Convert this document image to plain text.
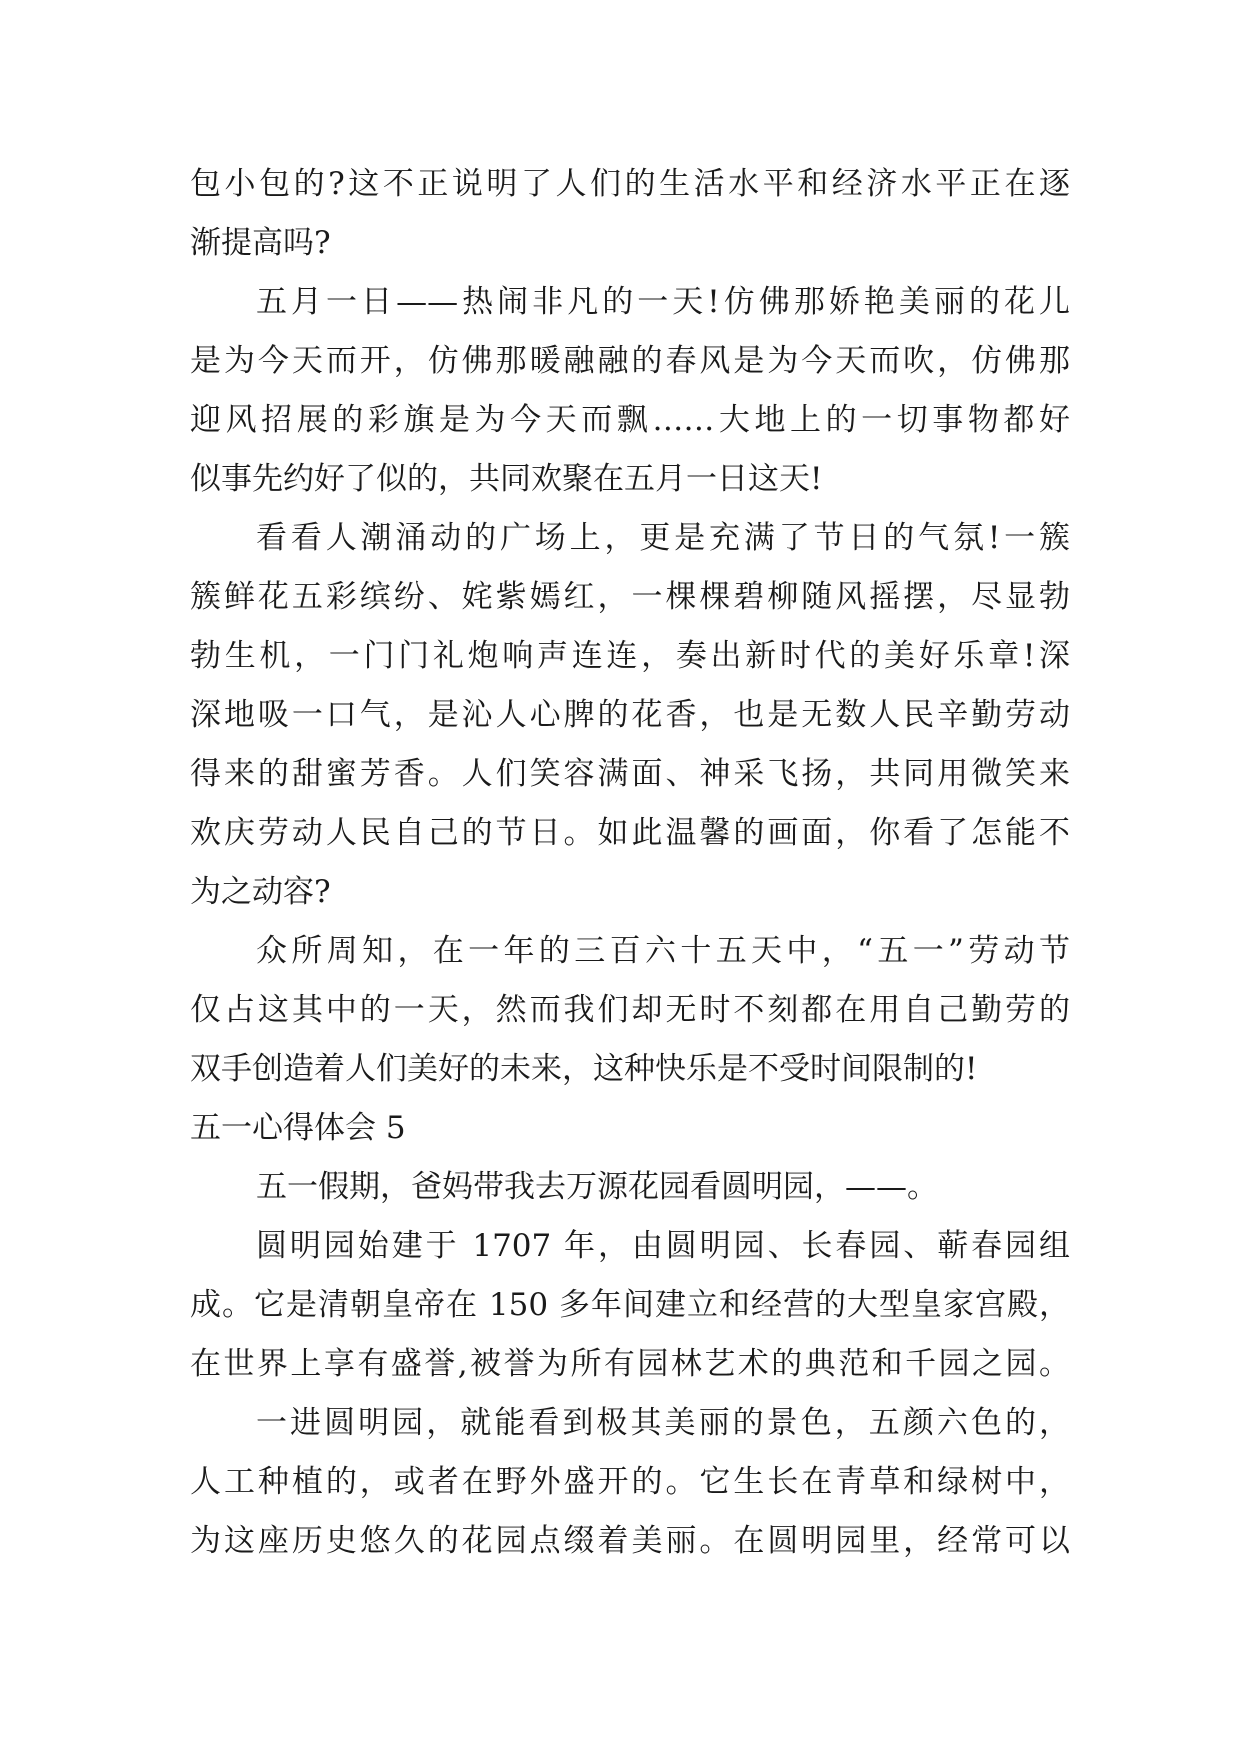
包小包的?这不正说明了人们的生活水平和经济水平正在逐

渐提高吗?

五月一日——热闹非凡的一天!仿佛那娇艳美丽的花儿

是为今天而开，仿佛那暖融融的春风是为今天而吹，仿佛那

迎风招展的彩旗是为今天而飘……大地上的一切事物都好

似事先约好了似的，共同欢聚在五月一日这天!

看看人潮涌动的广场上，更是充满了节日的气氛!一簇

簇鲜花五彩缤纷、姹紫嫣红，一棵棵碧柳随风摇摆，尽显勃

勃生机，一门门礼炮响声连连，奏出新时代的美好乐章!深

深地吸一口气，是沁人心脾的花香，也是无数人民辛勤劳动

得来的甜蜜芳香。人们笑容满面、神采飞扬，共同用微笑来

欢庆劳动人民自己的节日。如此温馨的画面，你看了怎能不

为之动容?

众所周知，在一年的三百六十五天中，“五一”劳动节

仅占这其中的一天，然而我们却无时不刻都在用自己勤劳的

双手创造着人们美好的未来，这种快乐是不受时间限制的!

五一心得体会 5

五一假期，爸妈带我去万源花园看圆明园，——。

圆明园始建于 1707 年，由圆明园、长春园、蕲春园组

成。它是清朝皇帝在 150 多年间建立和经营的大型皇家宫殿，

在世界上享有盛誉,被誉为所有园林艺术的典范和千园之园。

一进圆明园，就能看到极其美丽的景色，五颜六色的，

人工种植的，或者在野外盛开的。它生长在青草和绿树中，

为这座历史悠久的花园点缀着美丽。在圆明园里，经常可以
